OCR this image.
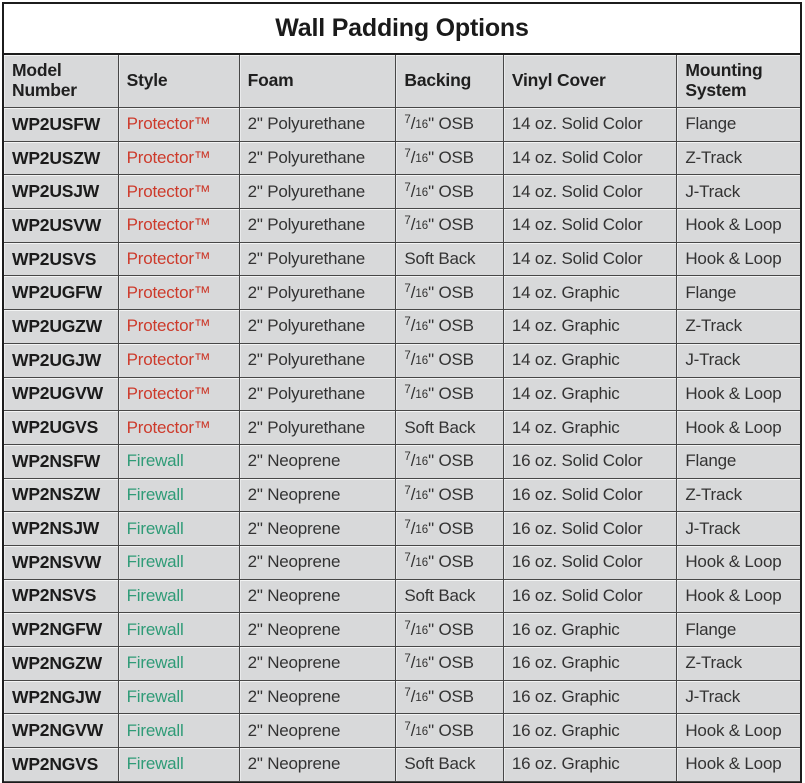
Wall Padding Options
Model Number	Style	Foam	Backing	Vinyl Cover	Mounting System
WP2USFW	Protector™	2" Polyurethane	$^7/_{16}$" OSB	14 oz. Solid Color	Flange
WP2USZW	Protector™	2" Polyurethane	$^7/_{16}$" OSB	14 oz. Solid Color	Z-Track
WP2USJW	Protector™	2" Polyurethane	$^7/_{16}$" OSB	14 oz. Solid Color	J-Track
WP2USVW	Protector™	2" Polyurethane	$^7/_{16}$" OSB	14 oz. Solid Color	Hook & Loop
WP2USVS	Protector™	2" Polyurethane	Soft Back	14 oz. Solid Color	Hook & Loop
WP2UGFW	Protector™	2" Polyurethane	$^7/_{16}$" OSB	14 oz. Graphic	Flange
WP2UGZW	Protector™	2" Polyurethane	$^7/_{16}$" OSB	14 oz. Graphic	Z-Track
WP2UGJW	Protector™	2" Polyurethane	$^7/_{16}$" OSB	14 oz. Graphic	J-Track
WP2UGVW	Protector™	2" Polyurethane	$^7/_{16}$" OSB	14 oz. Graphic	Hook & Loop
WP2UGVS	Protector™	2" Polyurethane	Soft Back	14 oz. Graphic	Hook & Loop
WP2NSFW	Firewall	2" Neoprene	$^7/_{16}$" OSB	16 oz. Solid Color	Flange
WP2NSZW	Firewall	2" Neoprene	$^7/_{16}$" OSB	16 oz. Solid Color	Z-Track
WP2NSJW	Firewall	2" Neoprene	$^7/_{16}$" OSB	16 oz. Solid Color	J-Track
WP2NSVW	Firewall	2" Neoprene	$^7/_{16}$" OSB	16 oz. Solid Color	Hook & Loop
WP2NSVS	Firewall	2" Neoprene	Soft Back	16 oz. Solid Color	Hook & Loop
WP2NGFW	Firewall	2" Neoprene	$^7/_{16}$" OSB	16 oz. Graphic	Flange
WP2NGZW	Firewall	2" Neoprene	$^7/_{16}$" OSB	16 oz. Graphic	Z-Track
WP2NGJW	Firewall	2" Neoprene	$^7/_{16}$" OSB	16 oz. Graphic	J-Track
WP2NGVW	Firewall	2" Neoprene	$^7/_{16}$" OSB	16 oz. Graphic	Hook & Loop
WP2NGVS	Firewall	2" Neoprene	Soft Back	16 oz. Graphic	Hook & Loop
